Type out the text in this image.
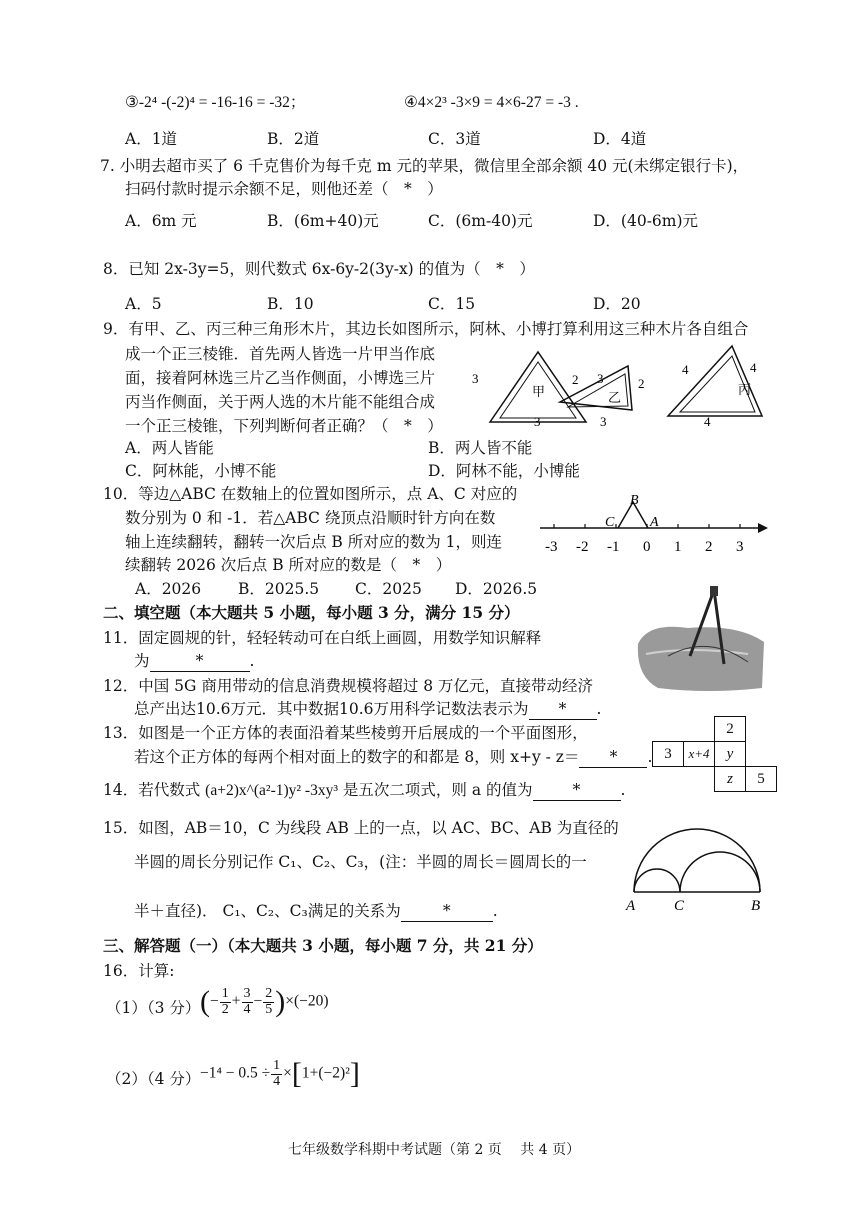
③-2⁴ -(-2)⁴ = -16-16 = -32；	④4×2³ -3×9 = 4×6-27 = -3 .
A．1道	B．2道	C．3道	D．4道
7. 小明去超市买了 6 千克售价为每千克 m 元的苹果，微信里全部余额 40 元(未绑定银行卡)，
扫码付款时提示余额不足，则他还差（　*　）
A．6m 元	B．(6m+40)元	C．(6m-40)元	D．(40-6m)元
8．已知 2x-3y=5，则代数式 6x-6y-2(3y-x) 的值为（　*　）
A．5	B．10	C．15	D．20
9．有甲、乙、丙三种三角形木片，其边长如图所示，阿林、小博打算利用这三种木片各自组合
成一个正三棱锥．首先两人皆选一片甲当作底
面，接着阿林选三片乙当作侧面，小博选三片
丙当作侧面，关于两人选的木片能不能组合成
一个正三棱锥，下列判断何者正确？（　*　）
A．两人皆能	B．两人皆不能
C．阿林能，小博不能	D．阿林不能，小博能
甲
3	3
3
乙
2
2
3
丙
4	4
4
10．等边△ABC 在数轴上的位置如图所示，点 A、C 对应的
数分别为 0 和 -1．若△ABC 绕顶点沿顺时针方向在数
轴上连续翻转，翻转一次后点 B 所对应的数为 1，则连
续翻转 2026 次后点 B 所对应的数是（　*　）
A．2026 B．2025.5 C．2025 D．2026.5
B
C	A
-3 -2 -1 0 1 2 3
二、填空题（本大题共 5 小题，每小题 3 分，满分 15 分）
11．固定圆规的针，轻轻转动可在白纸上画圆，用数学知识解释
为	*	.
12．中国 5G 商用带动的信息消费规模将超过 8 万亿元，直接带动经济
总产出达10.6万元．其中数据10.6万用科学记数法表示为 * .
13．如图是一个正方体的表面沿着某些棱剪开后展成的一个平面图形，
若这个正方体的每两个相对面上的数字的和都是 8，则 x+y - z＝ * .
		2	
3	x+4	y	
		z	5
14．若代数式 (a+2)x^(a²-1)y² -3xy³ 是五次二项式，则 a 的值为	*	.
15．如图，AB＝10，C 为线段 AB 上的一点，以 AC、BC、AB 为直径的
半圆的周长分别记作 C₁、C₂、C₃，(注：半圆的周长＝圆周长的一
半＋直径)． C₁、C₂、C₃满足的关系为	*	.	A	C	B
三、解答题（一）（本大题共 3 小题，每小题 7 分，共 21 分）
16．计算:
（1）（3 分） (− $\frac{1}{2} + \frac{3}{4} - \frac{2}{5} )\times(-20)$
（2）（4 分） $-1^4 - 0.5 \div \frac{1}{4} \times[1+(-2)^2]$
七年级数学科期中考试题（第 2 页　 共 4 页）
